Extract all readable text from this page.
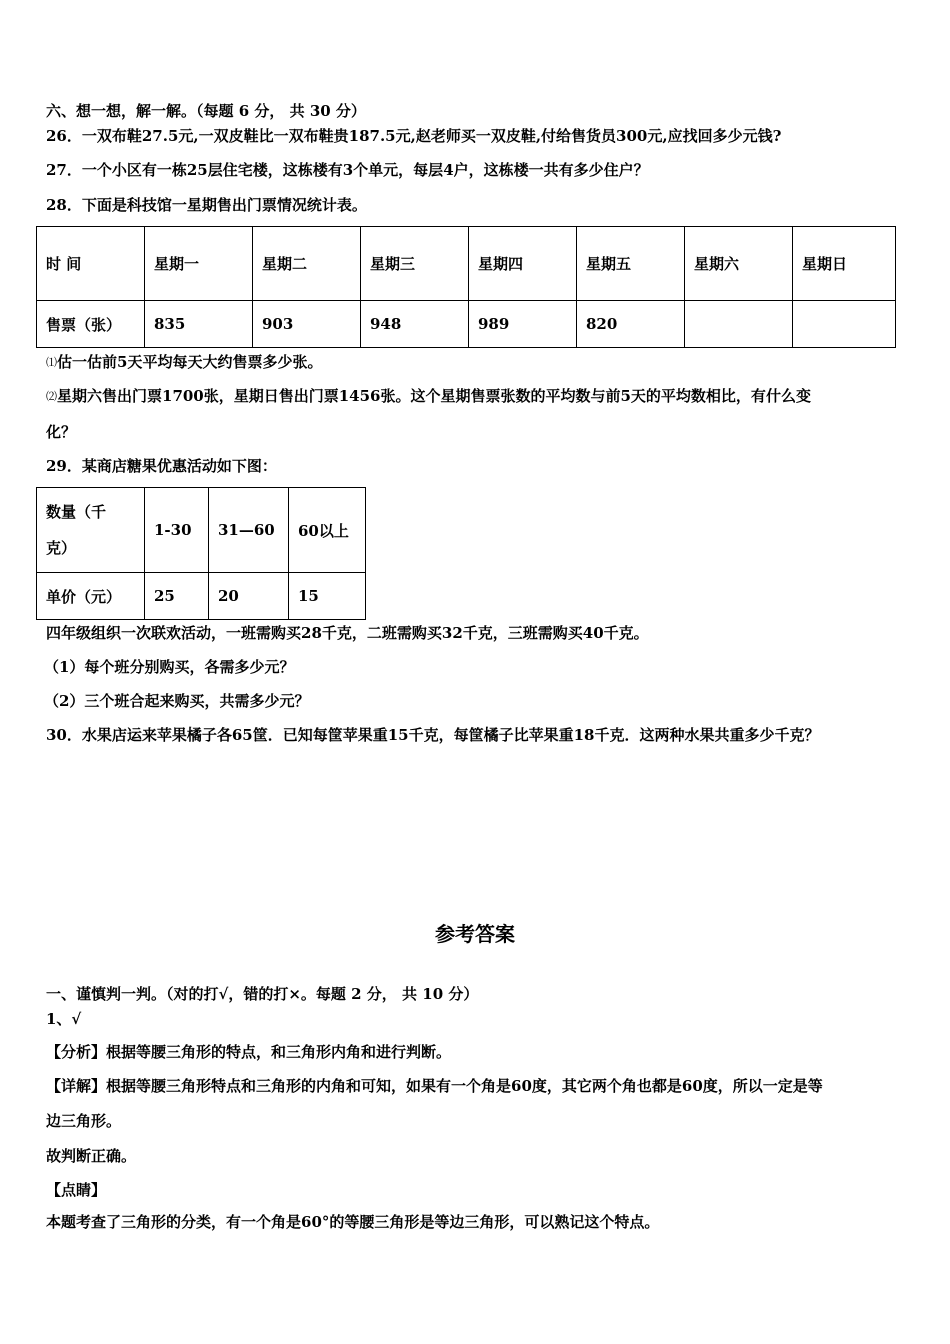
六、想一想，解一解。（每题 6 分， 共 30 分）
26．一双布鞋27.5元,一双皮鞋比一双布鞋贵187.5元,赵老师买一双皮鞋,付给售货员300元,应找回多少元钱?
27．一个小区有一栋25层住宅楼，这栋楼有3个单元，每层4户，这栋楼一共有多少住户？
28．下面是科技馆一星期售出门票情况统计表。
时 间	星期一	星期二	星期三	星期四	星期五	星期六	星期日
售票（张）	835	903	948	989	820		
⑴估一估前5天平均每天大约售票多少张。
⑵星期六售出门票1700张，星期日售出门票1456张。这个星期售票张数的平均数与前5天的平均数相比，有什么变
化？
29．某商店糖果优惠活动如下图：
数量（千
克）	1-30	31—60	60以上
单价（元）	25	20	15
四年级组织一次联欢活动，一班需购买28千克，二班需购买32千克，三班需购买40千克。
（1）每个班分别购买，各需多少元？
（2）三个班合起来购买，共需多少元？
30．水果店运来苹果橘子各65筐．已知每筐苹果重15千克，每筐橘子比苹果重18千克．这两种水果共重多少千克？
参考答案
一、谨慎判一判。（对的打√，错的打×。每题 2 分， 共 10 分）
1、√
【分析】根据等腰三角形的特点，和三角形内角和进行判断。
【详解】根据等腰三角形特点和三角形的内角和可知，如果有一个角是60度，其它两个角也都是60度，所以一定是等
边三角形。
故判断正确。
【点睛】
本题考查了三角形的分类，有一个角是60°的等腰三角形是等边三角形，可以熟记这个特点。
